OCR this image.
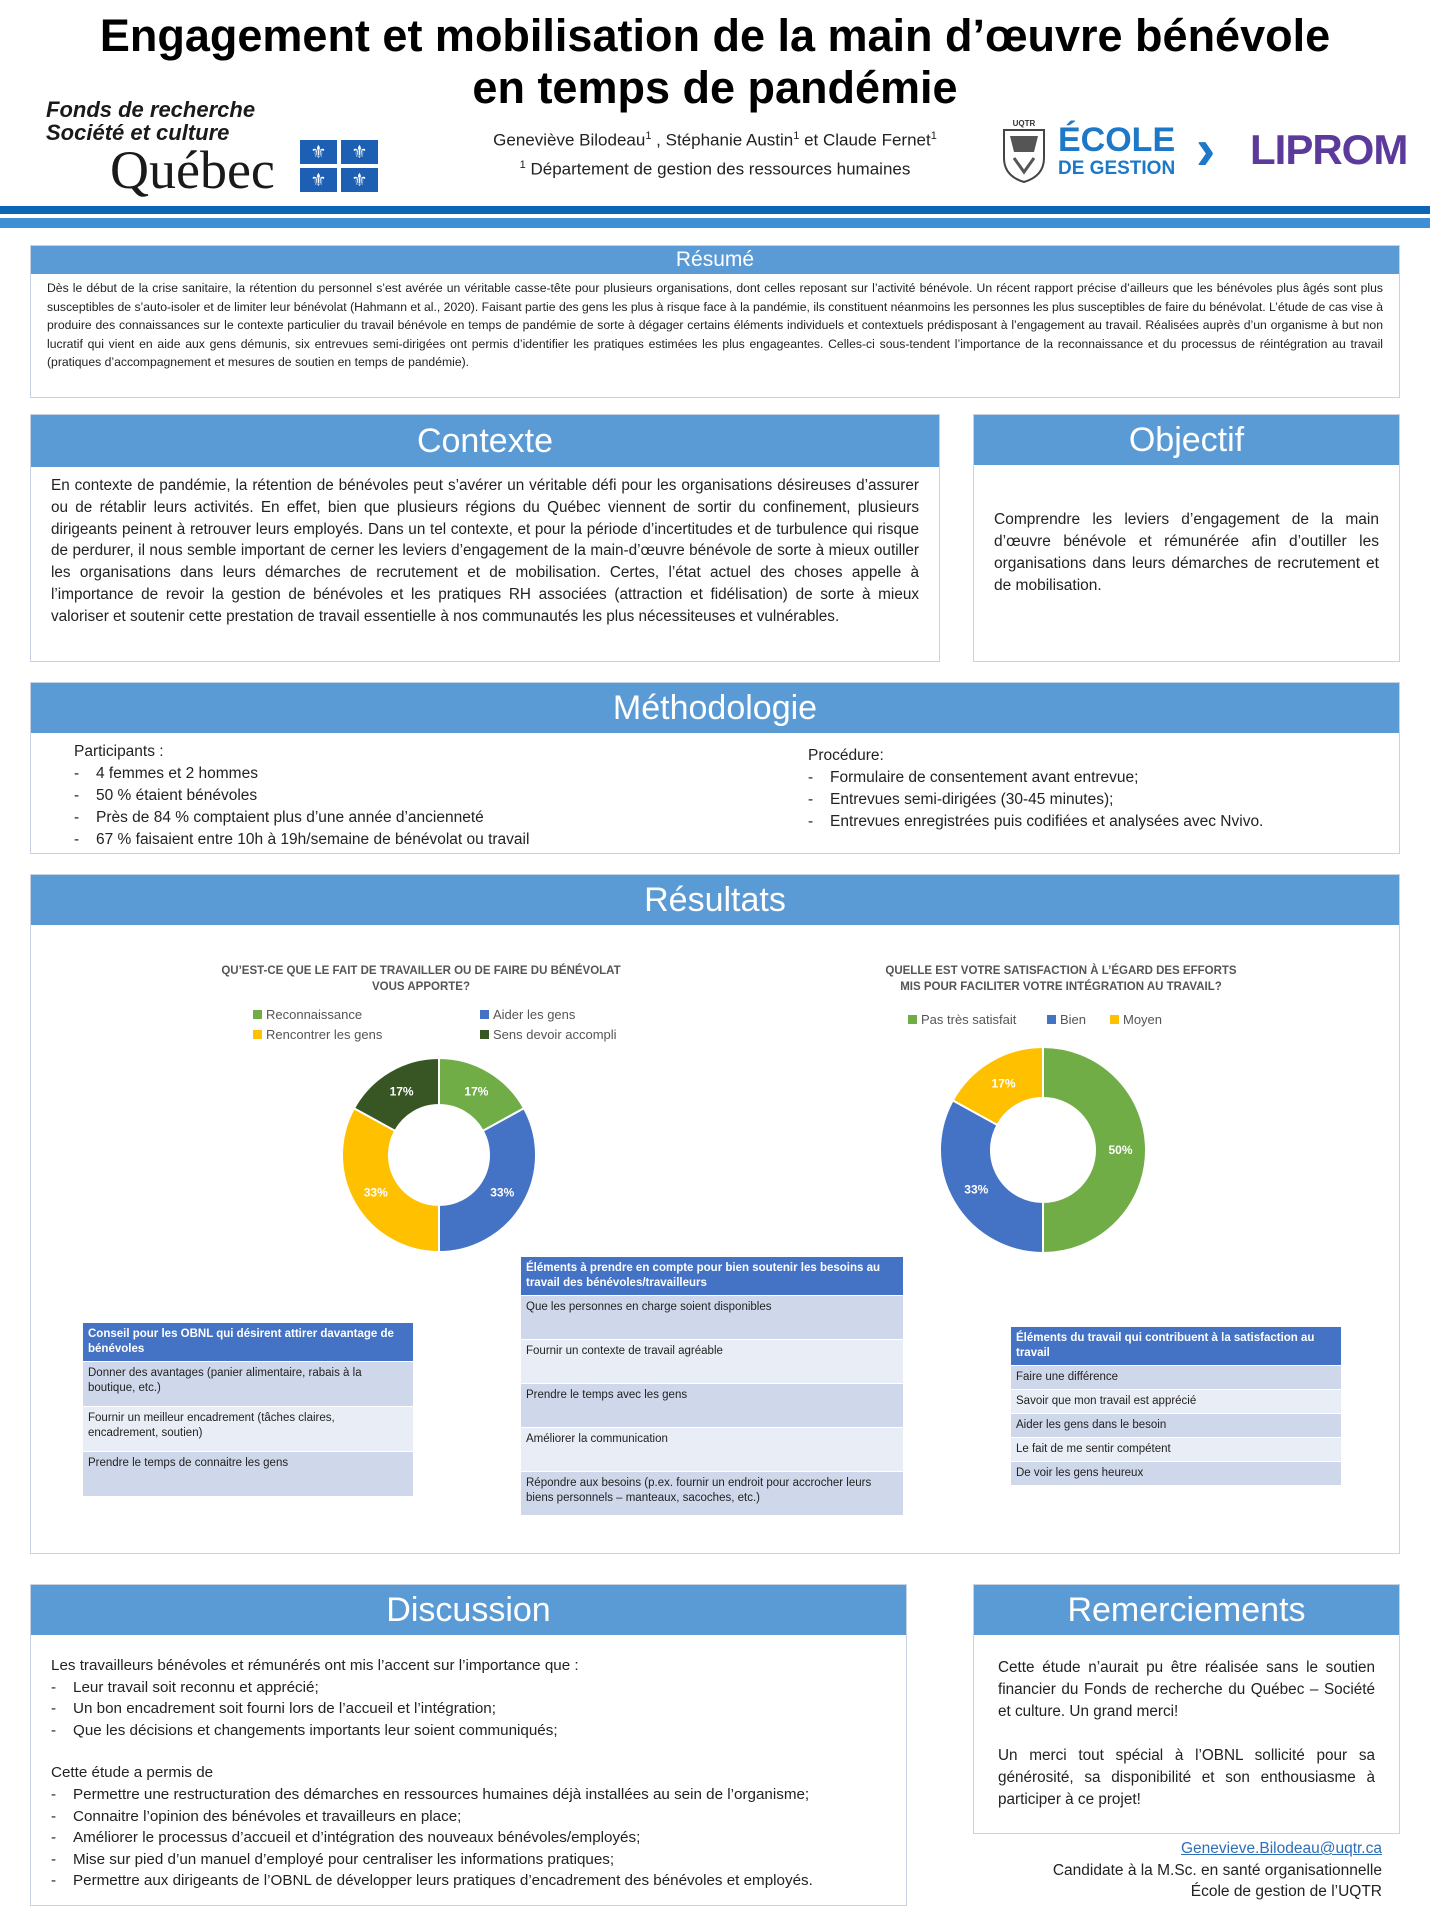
Engagement et mobilisation de la main d’œuvre bénévole
en temps de pandémie
Fonds de recherche
Société et culture
Québec	⚜	⚜
⚜	⚜
Geneviève Bilodeau$^1$ , Stéphanie Austin$^1$ et Claude Fernet$^1$
$^1$ Département de gestion des ressources humaines
UQTR ÉCOLE
DE GESTION › LIPROM
Résumé
Dès le début de la crise sanitaire, la rétention du personnel s’est avérée un véritable casse-tête pour plusieurs organisations, dont celles reposant sur l’activité bénévole. Un récent rapport précise d’ailleurs que les bénévoles plus âgés sont plus susceptibles de s’auto-isoler et de limiter leur bénévolat (Hahmann et al., 2020). Faisant partie des gens les plus à risque face à la pandémie, ils constituent néanmoins les personnes les plus susceptibles de faire du bénévolat. L’étude de cas vise à produire des connaissances sur le contexte particulier du travail bénévole en temps de pandémie de sorte à dégager certains éléments individuels et contextuels prédisposant à l’engagement au travail. Réalisées auprès d’un organisme à but non lucratif qui vient en aide aux gens démunis, six entrevues semi-dirigées ont permis d’identifier les pratiques estimées les plus engageantes. Celles-ci sous-tendent l’importance de la reconnaissance et du processus de réintégration au travail (pratiques d’accompagnement et mesures de soutien en temps de pandémie).
Contexte
En contexte de pandémie, la rétention de bénévoles peut s’avérer un véritable défi pour les organisations désireuses d’assurer ou de rétablir leurs activités. En effet, bien que plusieurs régions du Québec viennent de sortir du confinement, plusieurs dirigeants peinent à retrouver leurs employés. Dans un tel contexte, et pour la période d’incertitudes et de turbulence qui risque de perdurer, il nous semble important de cerner les leviers d’engagement de la main-d’œuvre bénévole de sorte à mieux outiller les organisations dans leurs démarches de recrutement et de mobilisation. Certes, l’état actuel des choses appelle à l’importance de revoir la gestion de bénévoles et les pratiques RH associées (attraction et fidélisation) de sorte à mieux valoriser et soutenir cette prestation de travail essentielle à nos communautés les plus nécessiteuses et vulnérables.
Objectif
Comprendre les leviers d’engagement de la main d’œuvre bénévole et rémunérée afin d’outiller les organisations dans leurs démarches de recrutement et de mobilisation.
Méthodologie
Participants :
- 4 femmes et 2 hommes
- 50 % étaient bénévoles
- Près de 84 % comptaient plus d’une année d’ancienneté
- 67 % faisaient entre 10h à 19h/semaine de bénévolat ou travail
Procédure:
- Formulaire de consentement avant entrevue;
- Entrevues semi-dirigées (30-45 minutes);
- Entrevues enregistrées puis codifiées et analysées avec Nvivo.
Résultats
QU’EST-CE QUE LE FAIT DE TRAVAILLER OU DE FAIRE DU BÉNÉVOLAT
VOUS APPORTE?
Reconnaissance	Aider les gens
Rencontrer les gens	Sens devoir accompli
17%
33%
33%
17%
QUELLE EST VOTRE SATISFACTION À L’ÉGARD DES EFFORTS
MIS POUR FACILITER VOTRE INTÉGRATION AU TRAVAIL?
Pas très satisfait	Bien	Moyen
50%
33%
17%
Conseil pour les OBNL qui désirent attirer davantage de bénévoles
Donner des avantages (panier alimentaire, rabais à la boutique, etc.)
Fournir un meilleur encadrement (tâches claires, encadrement, soutien)
Prendre le temps de connaitre les gens
Éléments à prendre en compte pour bien soutenir les besoins au travail des bénévoles/travailleurs
Que les personnes en charge soient disponibles
Fournir un contexte de travail agréable
Prendre le temps avec les gens
Améliorer la communication
Répondre aux besoins (p.ex. fournir un endroit pour accrocher leurs biens personnels – manteaux, sacoches, etc.)
Éléments du travail qui contribuent à la satisfaction au travail
Faire une différence
Savoir que mon travail est apprécié
Aider les gens dans le besoin
Le fait de me sentir compétent
De voir les gens heureux
Discussion
Les travailleurs bénévoles et rémunérés ont mis l’accent sur l’importance que :
- Leur travail soit reconnu et apprécié;
- Un bon encadrement soit fourni lors de l’accueil et l’intégration;
- Que les décisions et changements importants leur soient communiqués;
Cette étude a permis de
- Permettre une restructuration des démarches en ressources humaines déjà installées au sein de l’organisme;
- Connaitre l’opinion des bénévoles et travailleurs en place;
- Améliorer le processus d’accueil et d’intégration des nouveaux bénévoles/employés;
- Mise sur pied d’un manuel d’employé pour centraliser les informations pratiques;
- Permettre aux dirigeants de l’OBNL de développer leurs pratiques d’encadrement des bénévoles et employés.
Remerciements
Cette étude n’aurait pu être réalisée sans le soutien financier du Fonds de recherche du Québec – Société et culture. Un grand merci!
Un merci tout spécial à l’OBNL sollicité pour sa générosité, sa disponibilité et son enthousiasme à participer à ce projet!
Genevieve.Bilodeau@uqtr.ca
Candidate à la M.Sc. en santé organisationnelle
École de gestion de l’UQTR
